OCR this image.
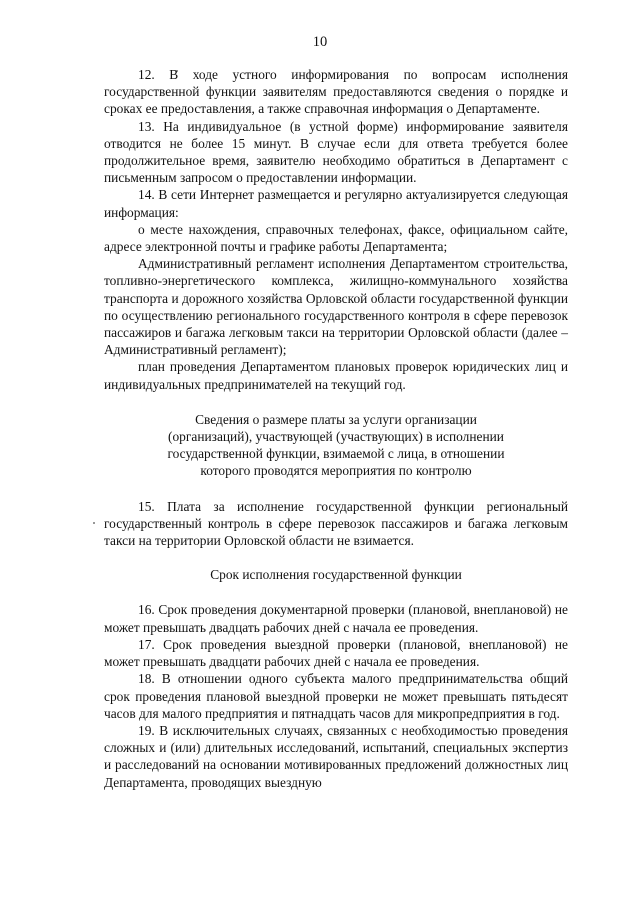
10

12. В ходе устного информирования по вопросам исполнения государственной функции заявителям предоставляются сведения о порядке и сроках ее предоставления, а также справочная информация о Департаменте.

13. На индивидуальное (в устной форме) информирование заявителя отводится не более 15 минут. В случае если для ответа требуется более продолжительное время, заявителю необходимо обратиться в Департамент с письменным запросом о предоставлении информации.

14. В сети Интернет размещается и регулярно актуализируется следующая информация:

о месте нахождения, справочных телефонах, факсе, официальном сайте, адресе электронной почты и графике работы Департамента;

Административный регламент исполнения Департаментом строительства, топливно-энергетического комплекса, жилищно-коммунального хозяйства транспорта и дорожного хозяйства Орловской области государственной функции по осуществлению регионального государственного контроля в сфере перевозок пассажиров и багажа легковым такси на территории Орловской области (далее – Административный регламент);

план проведения Департаментом плановых проверок юридических лиц и индивидуальных предпринимателей на текущий год.

Сведения о размере платы за услуги организации
(организаций), участвующей (участвующих) в исполнении
государственной функции, взимаемой с лица, в отношении
которого проводятся мероприятия по контролю

15. Плата за исполнение государственной функции региональный государственный контроль в сфере перевозок пассажиров и багажа легковым такси на территории Орловской области не взимается.

Срок исполнения государственной функции

16. Срок проведения документарной проверки (плановой, внеплановой) не может превышать двадцать рабочих дней с начала ее проведения.

17. Срок проведения выездной проверки (плановой, внеплановой) не может превышать двадцати рабочих дней с начала ее проведения.

18. В отношении одного субъекта малого предпринимательства общий срок проведения плановой выездной проверки не может превышать пятьдесят часов для малого предприятия и пятнадцать часов для микропредприятия в год.

19. В исключительных случаях, связанных с необходимостью проведения сложных и (или) длительных исследований, испытаний, специальных экспертиз и расследований на основании мотивированных предложений должностных лиц Департамента, проводящих выездную
